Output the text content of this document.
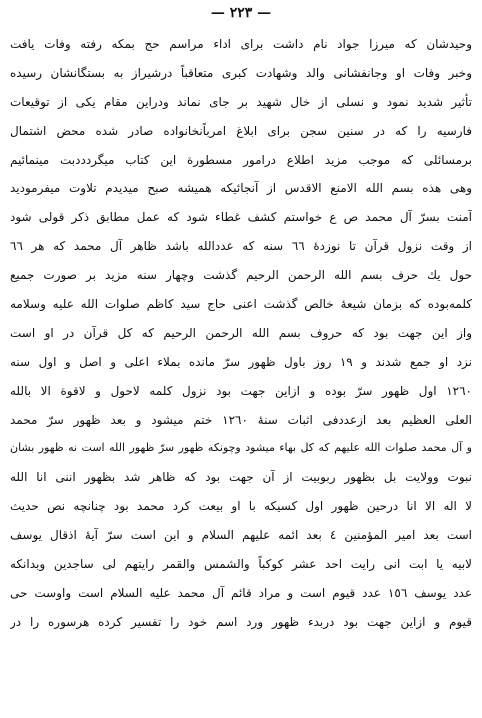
— ۲۲۳ —
وحیدشان که میرزا جواد نام داشت برای اداء مراسم حج بمکه رفته وفات یافت
وخبر وفات او وجانفشانی والد وشهادت کبری متعاقباً درشیراز به بستگانشان رسیده
تأثیر شدید نمود و نسلی از خال شهید بر جای نماند ودراین مقام یکی از توقیعات
فارسیه را که در سنین سجن برای ابلاغ امرباًنخانواده صادر شده محض اشتمال
برمسائلی که موجب مزید اطلاع درامور مسطورة این کتاب میگردددبت مینمائیم
وهی هذه بسم الله الامنع الاقدس از آنجائیکه همیشه صبح میدیدم تلاوت میفرمودید
آمنت بسرّ آل محمد ص ع خواستم کشف غطاء شود که عمل مطابق ذکر قولی شود
از وقت نزول قرآن تا نوزدهٔ ٦٦ سنه که عددالله باشد ظاهر آل محمد که هر ٦٦
حول یك حرف بسم الله الرحمن الرحیم گذشت وچهار سنه مزید بر صورت جمیع
کلمه‌بوده که بزمان شیعهٔ خالص گذشت اعنی حاج سید کاظم صلوات الله علیه وسلامه
واز این جهت بود که حروف بسم الله الرحمن الرحیم که کل قرآن در او است
نزد او جمع شدند و ۱۹ روز باول ظهور سرّ مانده بملاء اعلی و اصل و اول سنه
۱۲٦۰ اول ظهور سرّ بوده و ازاین جهت بود نزول کلمه لاحول و لاقوة الا بالله
العلی العظیم بعد ازعددفی اثبات سنهٔ ۱۲٦۰ ختم میشود و بعد ظهور سرّ محمد
و آل محمد صلوات الله علیهم که کل بهاء میشود وچونکه ظهور سرّ ظهور الله است نه ظهور بشان
نبوت وولایت بل بظهور ربوبیت از آن جهت بود که ظاهر شد بظهور اننی انا الله
لا اله الا انا درحین ظهور اول کسیکه با او بیعت کرد محمد بود چنانچه نص حدیث
است بعد امیر المؤمنین ٤ بعد ائمه علیهم السلام و این است سرّ آیهٔ اذقال یوسف
لابیه یا ابت انی رایت احد عشر کوکباً والشمس والقمر رایتهم لی ساجدین وبدانکه
عدد یوسف ١٥٦ عدد قیوم است و مراد قائم آل محمد علیه السلام است واوست حی
قیوم و ازاین جهت بود دربدء ظهور ورد اسم خود را تفسیر کرده هرسوره را در
